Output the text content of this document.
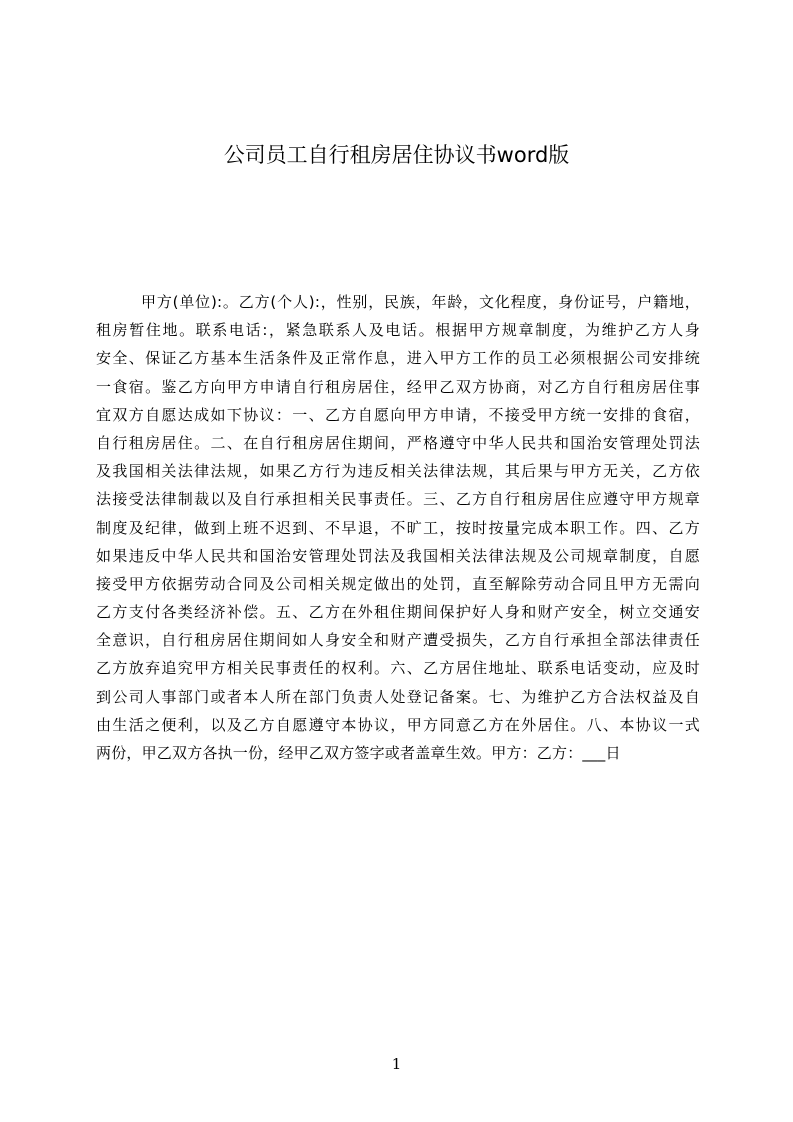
公司员工自行租房居住协议书word版
甲方(单位):。乙方(个人):，性别，民族，年龄，文化程度，身份证号，户籍地，
租房暂住地。联系电话:，紧急联系人及电话。根据甲方规章制度，为维护乙方人身
安全、保证乙方基本生活条件及正常作息，进入甲方工作的员工必须根据公司安排统
一食宿。鉴乙方向甲方申请自行租房居住，经甲乙双方协商，对乙方自行租房居住事
宜双方自愿达成如下协议：一、乙方自愿向甲方申请，不接受甲方统一安排的食宿，
自行租房居住。二、在自行租房居住期间，严格遵守中华人民共和国治安管理处罚法
及我国相关法律法规，如果乙方行为违反相关法律法规，其后果与甲方无关，乙方依
法接受法律制裁以及自行承担相关民事责任。三、乙方自行租房居住应遵守甲方规章
制度及纪律，做到上班不迟到、不早退，不旷工，按时按量完成本职工作。四、乙方
如果违反中华人民共和国治安管理处罚法及我国相关法律法规及公司规章制度，自愿
接受甲方依据劳动合同及公司相关规定做出的处罚，直至解除劳动合同且甲方无需向
乙方支付各类经济补偿。五、乙方在外租住期间保护好人身和财产安全，树立交通安
全意识，自行租房居住期间如人身安全和财产遭受损失，乙方自行承担全部法律责任
乙方放弃追究甲方相关民事责任的权利。六、乙方居住地址、联系电话变动，应及时
到公司人事部门或者本人所在部门负责人处登记备案。七、为维护乙方合法权益及自
由生活之便利，以及乙方自愿遵守本协议，甲方同意乙方在外居住。八、本协议一式
两份，甲乙双方各执一份，经甲乙双方签字或者盖章生效。甲方：乙方：___日
1
